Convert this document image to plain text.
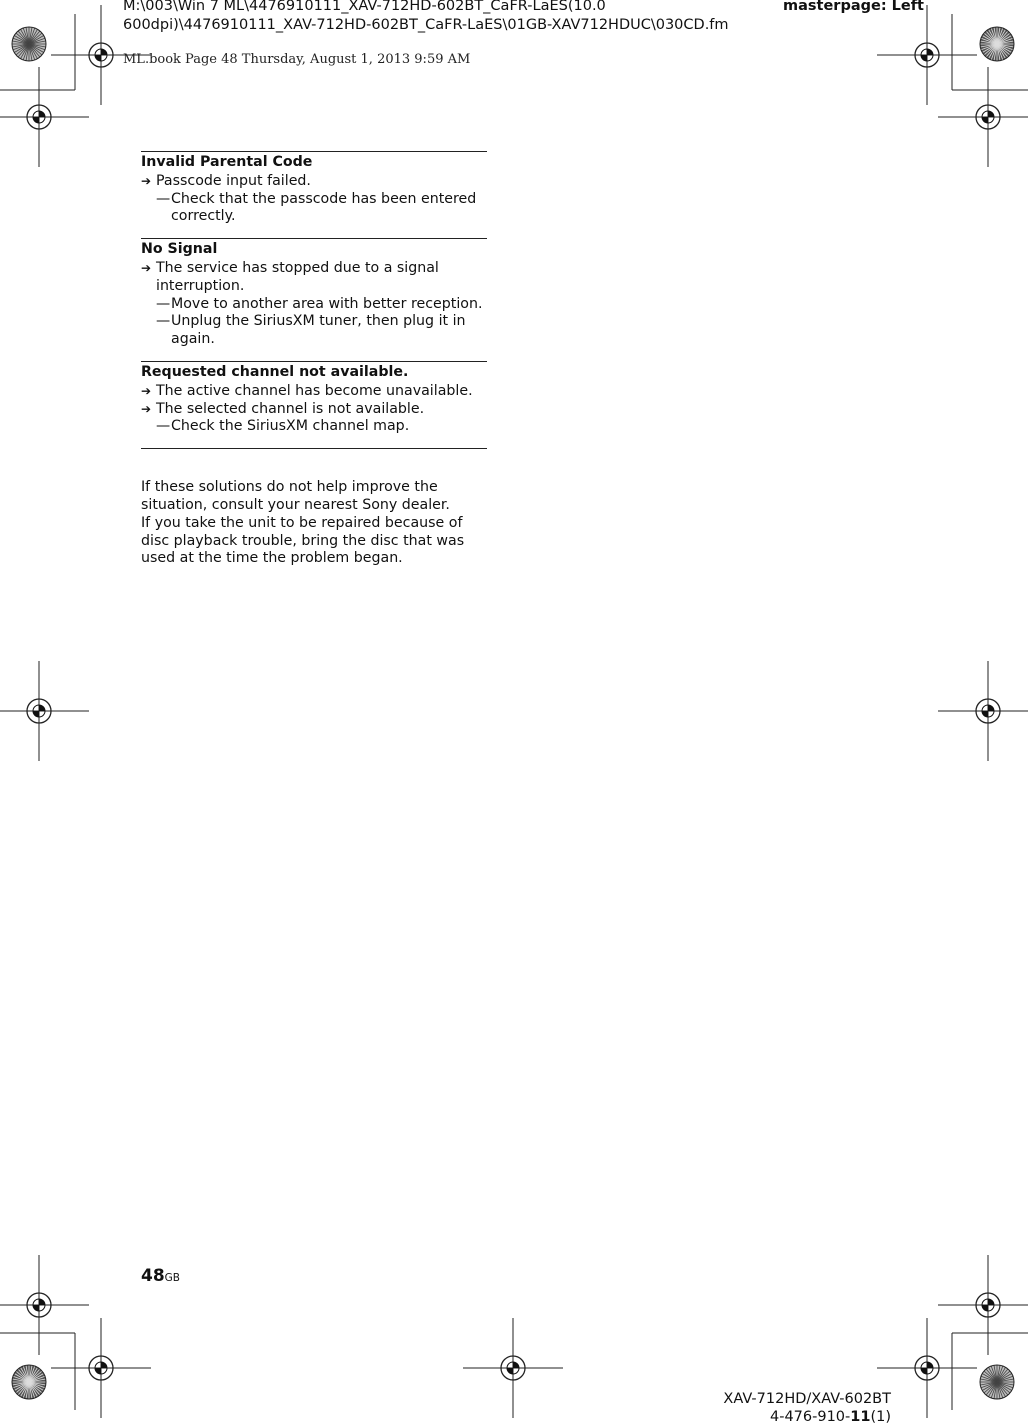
M:\003\Win 7 ML\4476910111_XAV-712HD-602BT_CaFR-LaES(10.0 600dpi)\4476910111_XAV-712HD-602BT_CaFR-LaES\01GB-XAV712HDUC\030CD.fm
masterpage: Left
ML.book Page 48 Thursday, August 1, 2013 9:59 AM
Invalid Parental Code
➔ Passcode input failed.
— Check that the passcode has been entered correctly.
No Signal
➔ The service has stopped due to a signal interruption.
— Move to another area with better reception.
— Unplug the SiriusXM tuner, then plug it in again.
Requested channel not available.
➔ The active channel has become unavailable.
➔ The selected channel is not available.
— Check the SiriusXM channel map.

If these solutions do not help improve the situation, consult your nearest Sony dealer.

If you take the unit to be repaired because of disc playback trouble, bring the disc that was used at the time the problem began.

48GB
XAV-712HD/XAV-602BT
4-476-910-11(1)
